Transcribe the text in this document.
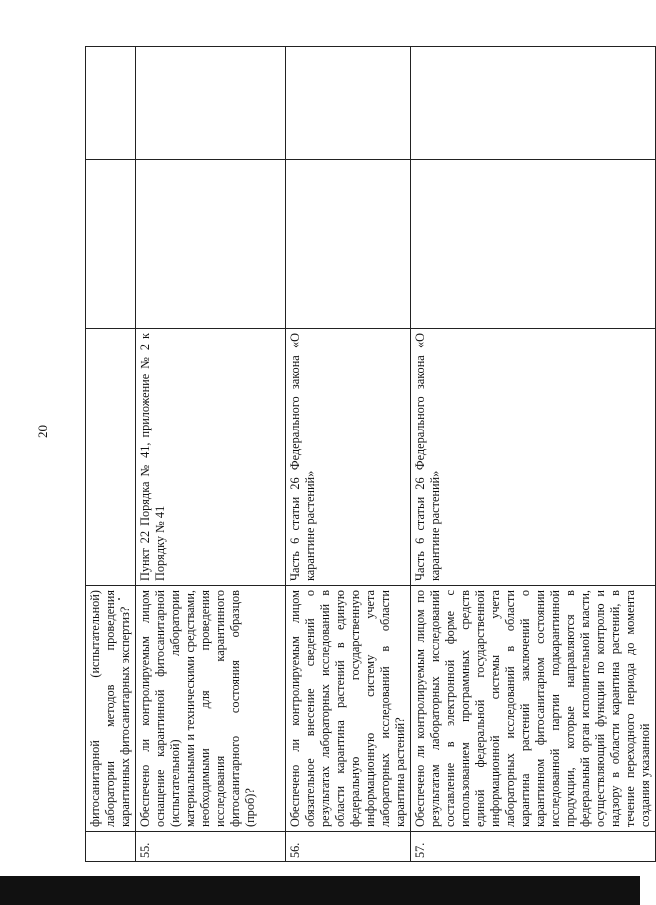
20
	фитосанитарной (испытательной) лаборатории методов проведения карантинных фитосанитарных экспертиз?			
55.	Обеспечено ли контролируемым лицом оснащение карантинной фитосанитарной (испытательной) лаборатории материальными и техническими средствами, необходимыми для проведения исследования карантинного фитосанитарного состояния образцов (проб)?	Пункт 22 Порядка № 41, приложение № 2 к Порядку № 41		
56.	Обеспечено ли контролируемым лицом обязательное внесение сведений о результатах лабораторных исследований в области карантина растений в единую федеральную государственную информационную систему учета лабораторных исследований в области карантина растений?	Часть 6 статьи 26 Федерального закона «О карантине растений»		
57.	Обеспечено ли контролируемым лицом по результатам лабораторных исследований составление в электронной форме с использованием программных средств единой федеральной государственной информационной системы учета лабораторных исследований в области карантина растений заключений о карантинном фитосанитарном состоянии исследованной партии подкарантинной продукции, которые направляются в федеральный орган исполнительной власти, осуществляющий функции по контролю и надзору в области карантина растений, в течение переходного периода до момента создания указанной	Часть 6 статьи 26 Федерального закона «О карантине растений»		
